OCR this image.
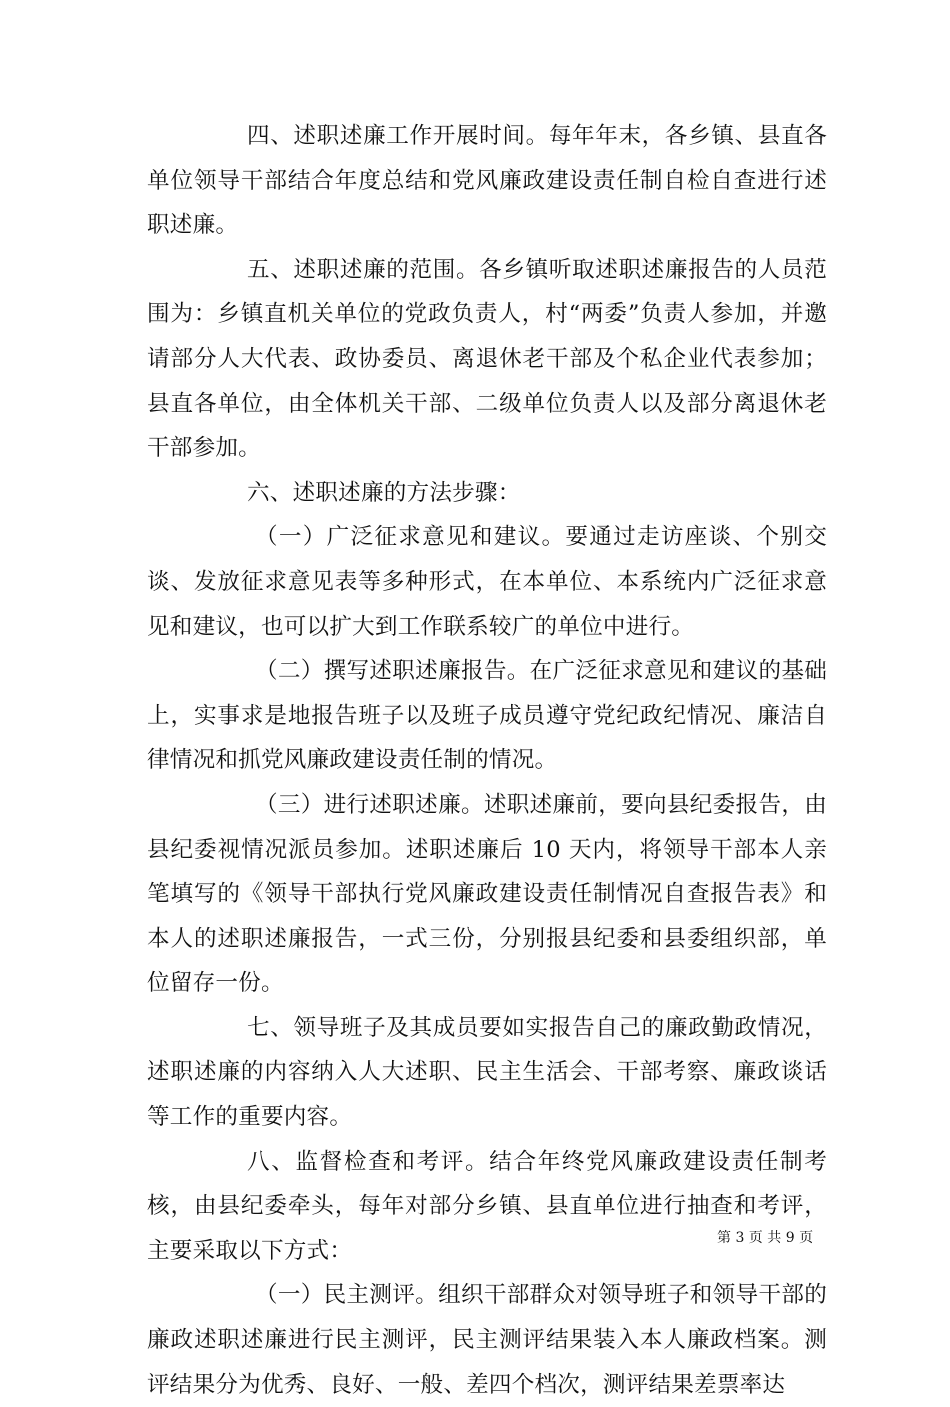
四、述职述廉工作开展时间。每年年末，各乡镇、县直各单位领导干部结合年度总结和党风廉政建设责任制自检自查进行述职述廉。

五、述职述廉的范围。各乡镇听取述职述廉报告的人员范围为：乡镇直机关单位的党政负责人，村“两委”负责人参加，并邀请部分人大代表、政协委员、离退休老干部及个私企业代表参加；县直各单位，由全体机关干部、二级单位负责人以及部分离退休老干部参加。

六、述职述廉的方法步骤：

（一）广泛征求意见和建议。要通过走访座谈、个别交谈、发放征求意见表等多种形式，在本单位、本系统内广泛征求意见和建议，也可以扩大到工作联系较广的单位中进行。

（二）撰写述职述廉报告。在广泛征求意见和建议的基础上，实事求是地报告班子以及班子成员遵守党纪政纪情况、廉洁自律情况和抓党风廉政建设责任制的情况。

（三）进行述职述廉。述职述廉前，要向县纪委报告，由县纪委视情况派员参加。述职述廉后 10 天内，将领导干部本人亲笔填写的《领导干部执行党风廉政建设责任制情况自查报告表》和本人的述职述廉报告，一式三份，分别报县纪委和县委组织部，单位留存一份。

七、领导班子及其成员要如实报告自己的廉政勤政情况，述职述廉的内容纳入人大述职、民主生活会、干部考察、廉政谈话等工作的重要内容。

八、监督检查和考评。结合年终党风廉政建设责任制考核，由县纪委牵头，每年对部分乡镇、县直单位进行抽查和考评，主要采取以下方式：

（一）民主测评。组织干部群众对领导班子和领导干部的廉政述职述廉进行民主测评，民主测评结果装入本人廉政档案。测评结果分为优秀、良好、一般、差四个档次，测评结果差票率达

第 3 页 共 9 页
